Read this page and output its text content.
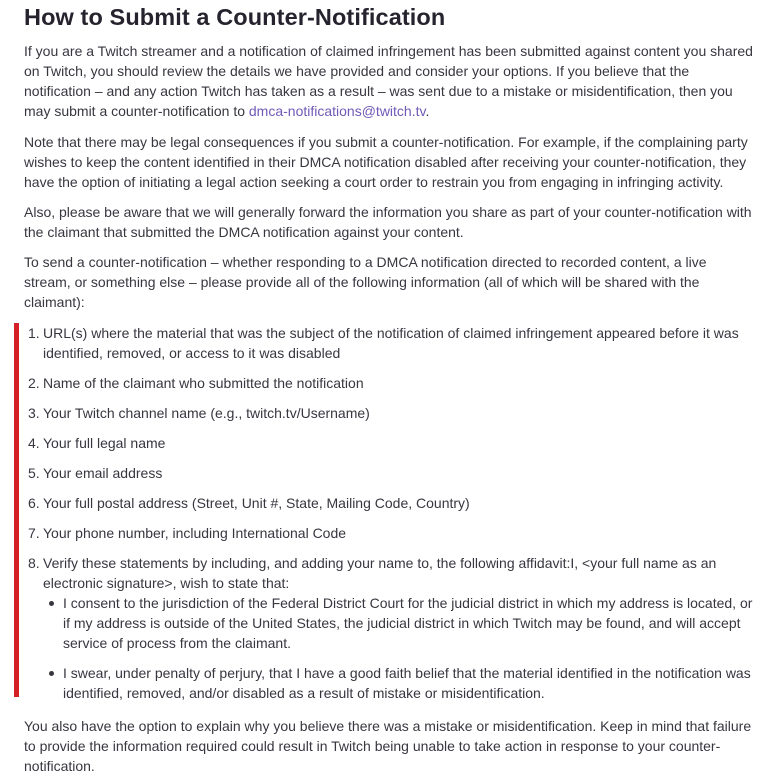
How to Submit a Counter-Notification

If you are a Twitch streamer and a notification of claimed infringement has been submitted against content you shared on Twitch, you should review the details we have provided and consider your options. If you believe that the notification – and any action Twitch has taken as a result – was sent due to a mistake or misidentification, then you may submit a counter-notification to dmca-notifications@twitch.tv.

Note that there may be legal consequences if you submit a counter-notification. For example, if the complaining party wishes to keep the content identified in their DMCA notification disabled after receiving your counter-notification, they have the option of initiating a legal action seeking a court order to restrain you from engaging in infringing activity.

Also, please be aware that we will generally forward the information you share as part of your counter-notification with the claimant that submitted the DMCA notification against your content.

To send a counter-notification – whether responding to a DMCA notification directed to recorded content, a live stream, or something else – please provide all of the following information (all of which will be shared with the claimant):

1. URL(s) where the material that was the subject of the notification of claimed infringement appeared before it was identified, removed, or access to it was disabled
2. Name of the claimant who submitted the notification
3. Your Twitch channel name (e.g., twitch.tv/Username)
4. Your full legal name
5. Your email address
6. Your full postal address (Street, Unit #, State, Mailing Code, Country)
7. Your phone number, including International Code
8. Verify these statements by including, and adding your name to, the following affidavit:I, <your full name as an electronic signature>, wish to state that:
I consent to the jurisdiction of the Federal District Court for the judicial district in which my address is located, or if my address is outside of the United States, the judicial district in which Twitch may be found, and will accept service of process from the claimant.
I swear, under penalty of perjury, that I have a good faith belief that the material identified in the notification was identified, removed, and/or disabled as a result of mistake or misidentification.

You also have the option to explain why you believe there was a mistake or misidentification. Keep in mind that failure to provide the information required could result in Twitch being unable to take action in response to your counter-notification.
